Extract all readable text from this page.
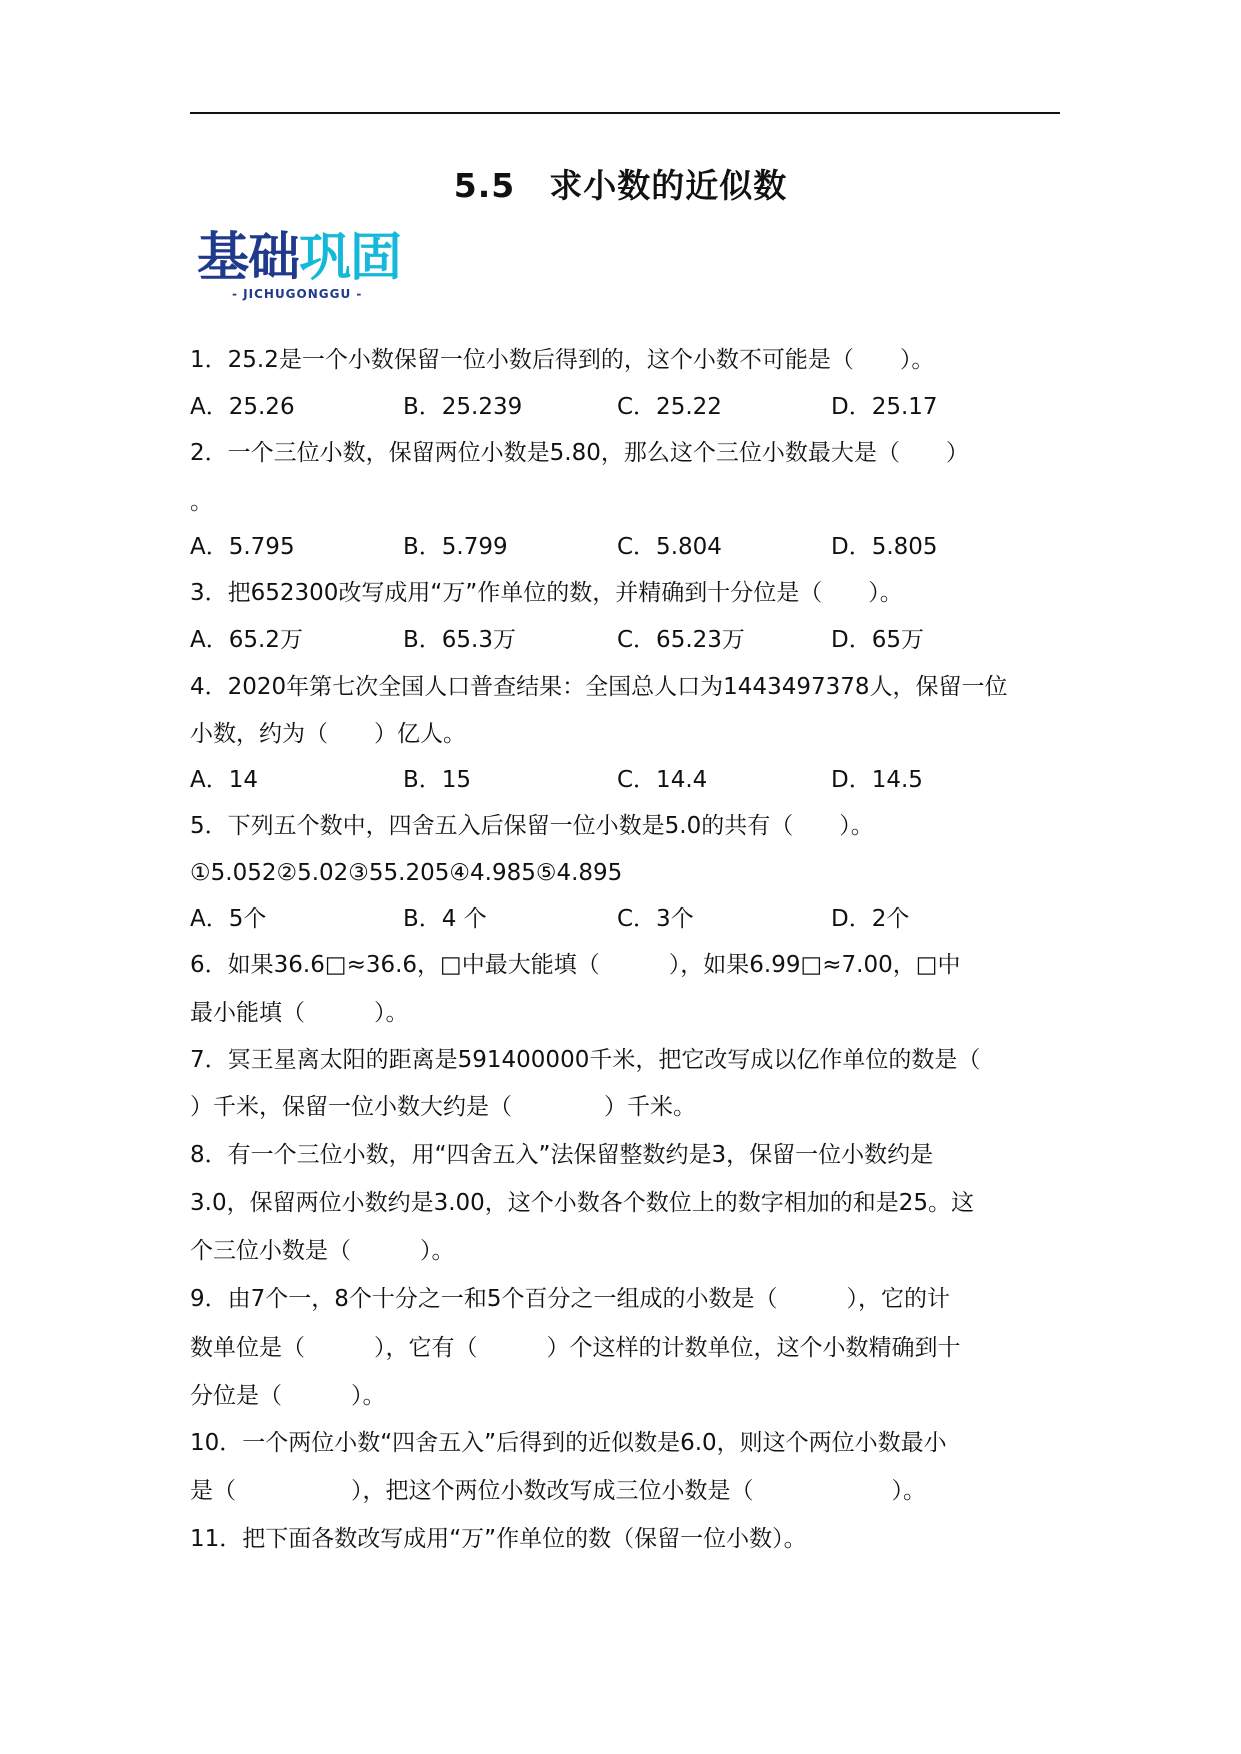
5.5　求小数的近似数
基础巩固
- JICHUGONGGU -
1．25.2是一个小数保留一位小数后得到的，这个小数不可能是（　　）。
A．25.26	B．25.239	C．25.22	D．25.17
2．一个三位小数，保留两位小数是5.80，那么这个三位小数最大是（　　）
。
A．5.795	B．5.799	C．5.804	D．5.805
3．把652300改写成用“万”作单位的数，并精确到十分位是（　　）。
A．65.2万	B．65.3万	C．65.23万	D．65万
4．2020年第七次全国人口普查结果：全国总人口为1443497378人，保留一位
小数，约为（　　）亿人。
A．14	B．15	C．14.4	D．14.5
5．下列五个数中，四舍五入后保留一位小数是5.0的共有（　　）。
①5.052②5.02③55.205④4.985⑤4.895
A．5个	B．4 个	C．3个	D．2个
6．如果36.6□≈36.6，□中最大能填（　　　），如果6.99□≈7.00，□中
最小能填（　　　）。
7．冥王星离太阳的距离是591400000千米，把它改写成以亿作单位的数是（
）千米，保留一位小数大约是（　　　　）千米。
8．有一个三位小数，用“四舍五入”法保留整数约是3，保留一位小数约是
3.0，保留两位小数约是3.00，这个小数各个数位上的数字相加的和是25。这
个三位小数是（　　　）。
9．由7个一，8个十分之一和5个百分之一组成的小数是（　　　），它的计
数单位是（　　　），它有（　　　）个这样的计数单位，这个小数精确到十
分位是（　　　）。
10．一个两位小数“四舍五入”后得到的近似数是6.0，则这个两位小数最小
是（　　　　　），把这个两位小数改写成三位小数是（　　　　　　）。
11．把下面各数改写成用“万”作单位的数（保留一位小数）。
